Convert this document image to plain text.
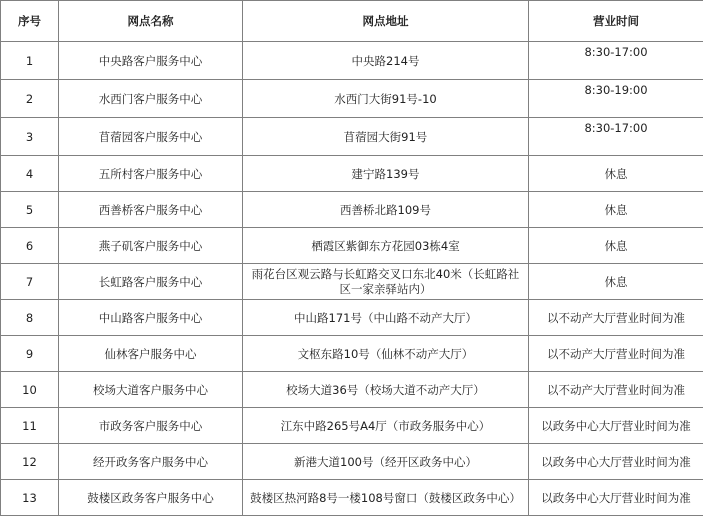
序号	网点名称	网点地址	营业时间
1	中央路客户服务中心	中央路214号	8:30-17:00
2	水西门客户服务中心	水西门大街91号-10	8:30-19:00
3	苜蓿园客户服务中心	苜蓿园大街91号	8:30-17:00
4	五所村客户服务中心	建宁路139号	休息
5	西善桥客户服务中心	西善桥北路109号	休息
6	燕子矶客户服务中心	栖霞区紫御东方花园03栋4室	休息
7	长虹路客户服务中心	雨花台区观云路与长虹路交叉口东北40米（长虹路社区一家亲驿站内）	休息
8	中山路客户服务中心	中山路171号（中山路不动产大厅）	以不动产大厅营业时间为准
9	仙林客户服务中心	文枢东路10号（仙林不动产大厅）	以不动产大厅营业时间为准
10	校场大道客户服务中心	校场大道36号（校场大道不动产大厅）	以不动产大厅营业时间为准
11	市政务客户服务中心	江东中路265号A4厅（市政务服务中心）	以政务中心大厅营业时间为准
12	经开政务客户服务中心	新港大道100号（经开区政务中心）	以政务中心大厅营业时间为准
13	鼓楼区政务客户服务中心	鼓楼区热河路8号一楼108号窗口（鼓楼区政务中心）	以政务中心大厅营业时间为准
